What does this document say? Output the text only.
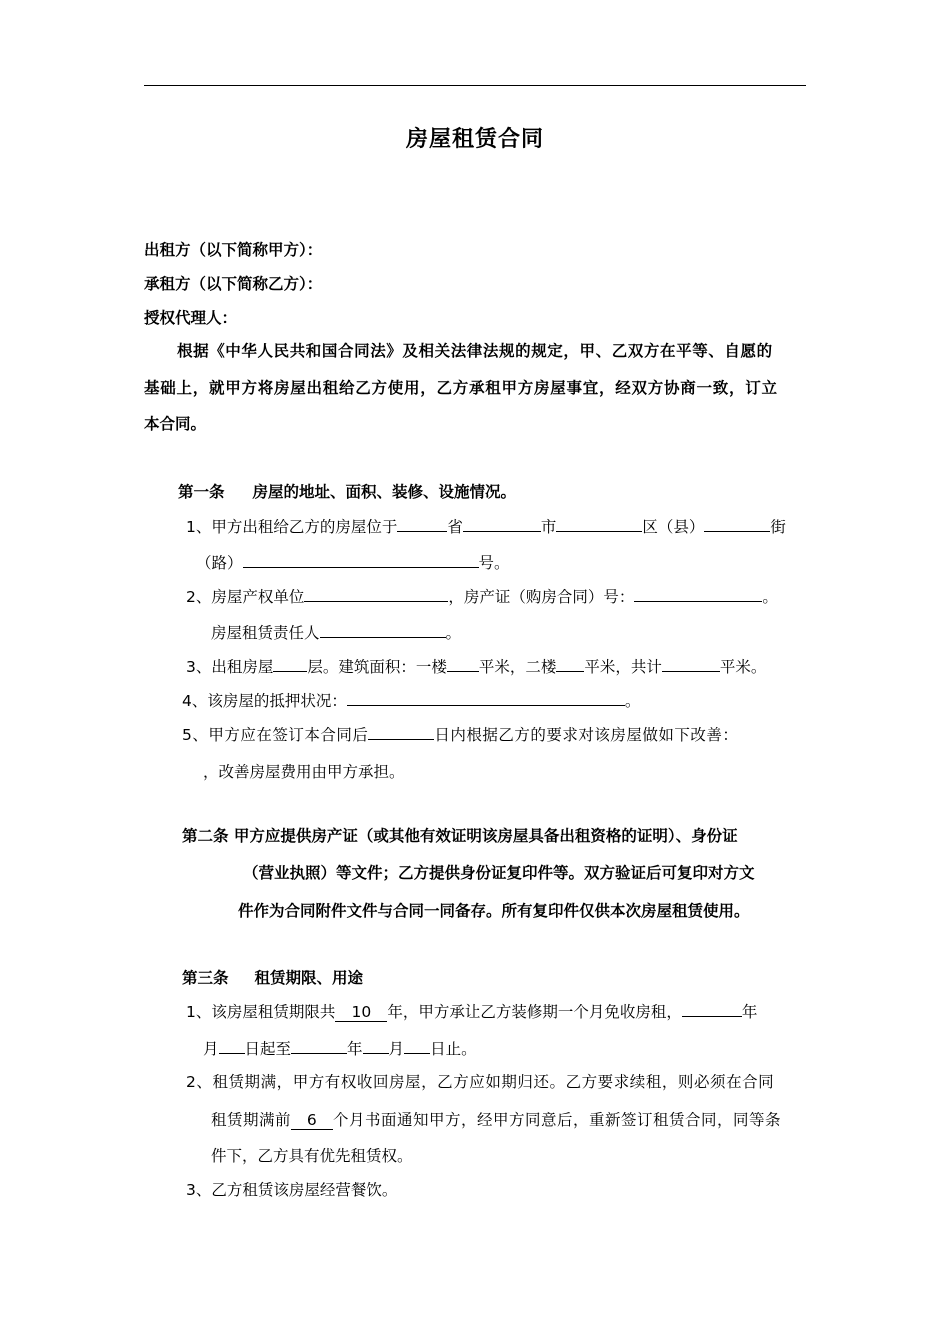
房屋租赁合同
出租方（以下简称甲方）：
承租方（以下简称乙方）：
授权代理人：
根据《中华人民共和国合同法》及相关法律法规的规定，甲、乙双方在平等、自愿的
基础上，就甲方将房屋出租给乙方使用，乙方承租甲方房屋事宜，经双方协商一致，订立
本合同。
第一条 房屋的地址、面积、装修、设施情况。
1、甲方出租给乙方的房屋位于	省	市	区（县）	街
（路）	号。
2、房屋产权单位	，房产证（购房合同）号：	。
房屋租赁责任人	。
3、出租房屋 层。建筑面积：一楼 平米，二楼 平米，共计	平米。
4、该房屋的抵押状况：	。
5、甲方应在签订本合同后	日内根据乙方的要求对该房屋做如下改善：
，改善房屋费用由甲方承担。
第二条 甲方应提供房产证（或其他有效证明该房屋具备出租资格的证明）、身份证
（营业执照）等文件；乙方提供身份证复印件等。双方验证后可复印对方文
件作为合同附件文件与合同一同备存。所有复印件仅供本次房屋租赁使用。
第三条 租赁期限、用途
1、该房屋租赁期限共 10 年，甲方承让乙方装修期一个月免收房租，	年
月 日起至	年 月 日止。
2、租赁期满，甲方有权收回房屋，乙方应如期归还。乙方要求续租，则必须在合同
租赁期满前 6 个月书面通知甲方，经甲方同意后，重新签订租赁合同，同等条
件下，乙方具有优先租赁权。
3、乙方租赁该房屋经营餐饮。
